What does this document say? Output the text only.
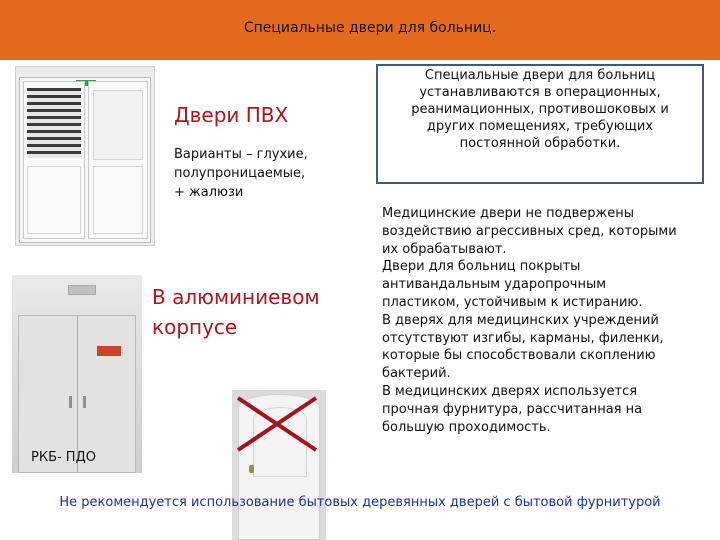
Специальные двери для больниц.
Двери ПВХ
Варианты – глухие,
полупроницаемые,
+ жалюзи
РКБ- ПДО
В алюминиевом
корпусе
Специальные двери для больниц
устанавливаются в операционных,
реанимационных, противошоковых и
других помещениях, требующих
постоянной обработки.
Медицинские двери не подвержены
воздействию агрессивных сред, которыми
их обрабатывают.
Двери для больниц покрыты
антивандальным ударопрочным
пластиком, устойчивым к истиранию.
В дверях для медицинских учреждений
отсутствуют изгибы, карманы, филенки,
которые бы способствовали скоплению
бактерий.
В медицинских дверях используется
прочная фурнитура, рассчитанная на
большую проходимость.
Не рекомендуется использование бытовых деревянных дверей с бытовой фурнитурой
